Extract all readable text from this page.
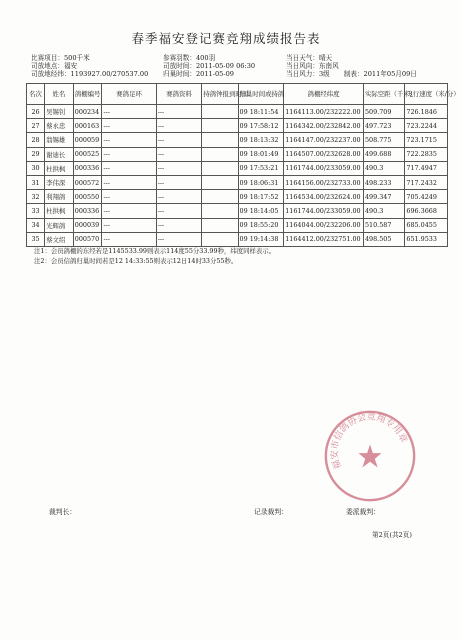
春季福安登记赛竞翔成绩报告表
比赛项目：500千米
司放地点：福安
司放地经纬：1193927.00/270537.00
参赛羽数：400羽
司放时间：2011-05-09 06:30
归巢时间：2011-05-09
当日天气：晴天
当日风向：东南风
当日风力：3级 制表：2011年05月09日
名次	姓名	鸽棚编号	赛鸽足环	赛鸽资料	持鸽钟报到时间	归巢时间或持鸽	鸽棚经纬度	实际空距（千米）	飞行速度（米/分）
26	吴锡钊	000234	---	---		09 18:11:54	1164113.00/232222.00	509.709	726.1846
27	蔡永忠	000163	---	---		09 17:58:12	1164342.00/232842.00	497.723	723.2244
28	翁锡雄	000059	---	---		09 18:13:32	1164147.00/232237.00	508.775	723.1715
29	谢迪长	000525	---	---		09 18:01:49	1164507.00/232628.00	499.688	722.2835
30	杜拱枫	000336	---	---		09 17:53:21	1161744.00/233059.00	490.3	717.4947
31	李伟深	000572	---	---		09 18:06:31	1164156.00/232733.00	498.233	717.2432
32	利翔鸽	000550	---	---		09 18:17:52	1164534.00/232624.00	499.347	705.4249
33	杜拱枫	000336	---	---		09 18:14:05	1161744.00/233059.00	490.3	696.3668
34	光辉鸽	000039	---	---		09 18:55:20	1164044.00/232206.00	510.587	685.0455
35	蔡文绍	000570	---	---		09 19:14:38	1164412.00/232751.00	498.505	651.9533
注1：会员鸽棚的东经若是1145533.99则表示114度55分33.99秒，纬度同样表示。
注2：会员信鸽归巢时间若是12 14:33:55则表示12日14时33分55秒。
福安市信鸽协会竞翔专用章
裁判长：	记录裁判：	委派裁判：
第2页(共2页)
